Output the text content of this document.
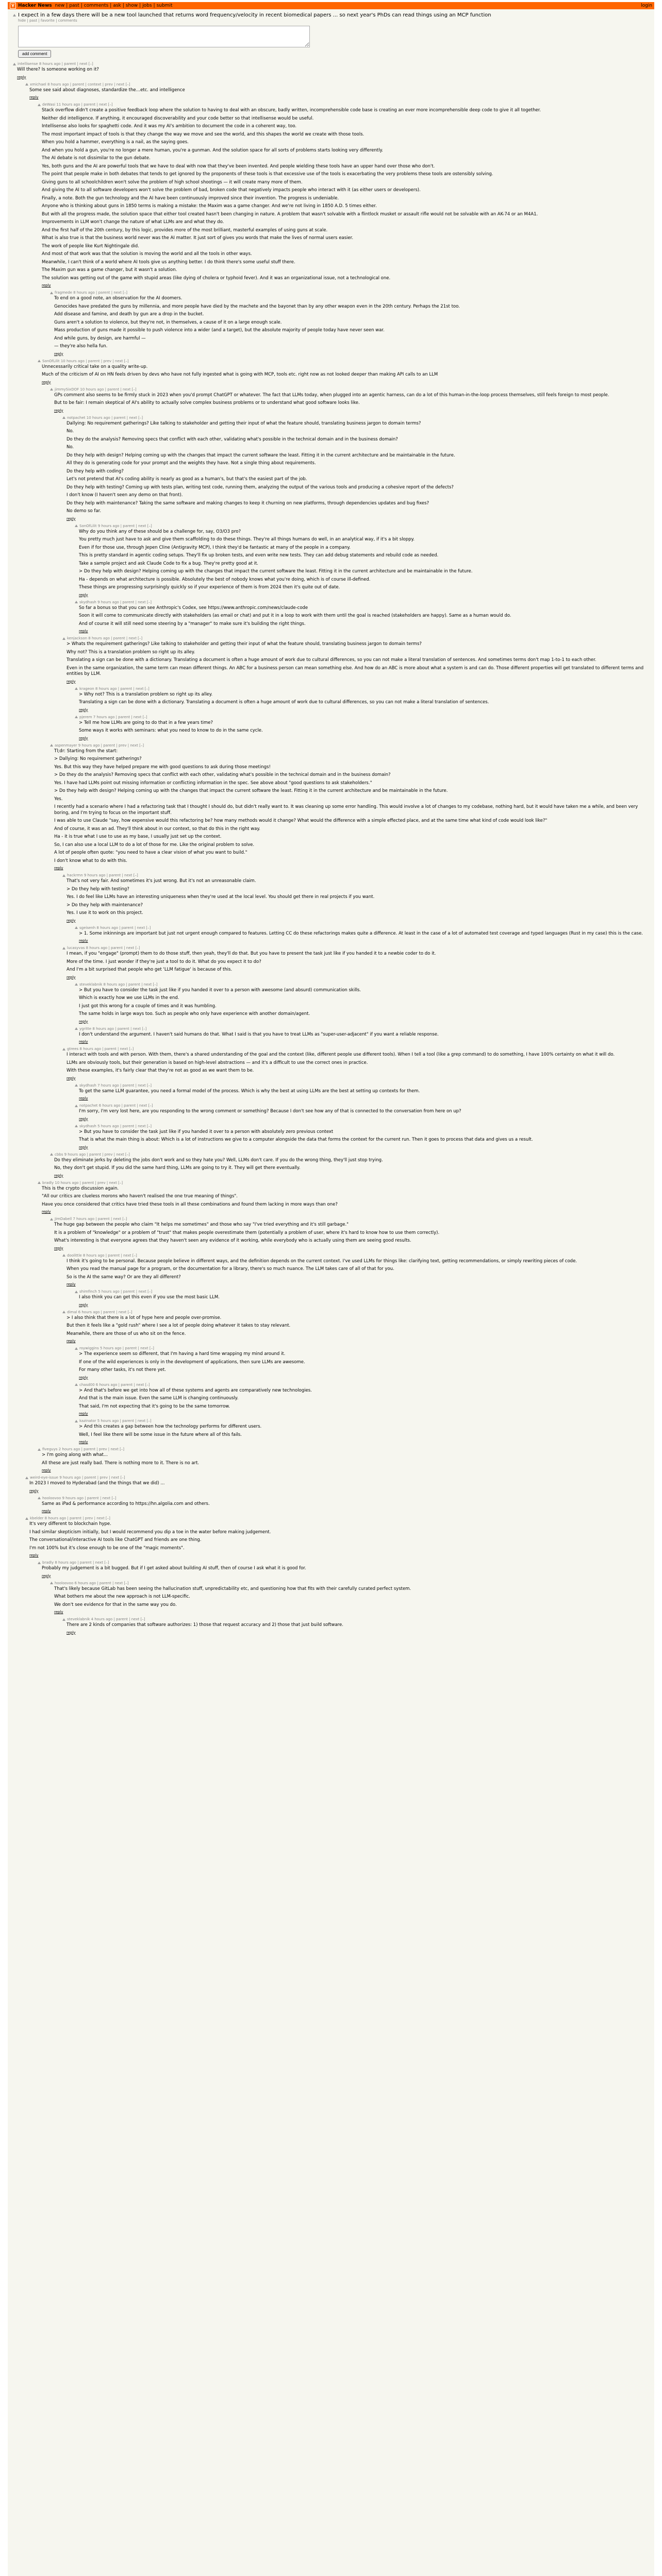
Y Hacker News new | past | comments | ask | show | jobs | submit	login
I expect in a few days there will be a new tool launched that returns word frequency/velocity in recent biomedical papers ... so next year's PhDs can read things using an MCP function
hide | past | favorite | comments
add comment
intellisense 8 hours ago | parent | next [–]

Will there? Is someone working on it?

reply
xmichael 8 hours ago | parent | context | prev | next [–]

Some see said about diagnoses, standardize the…etc. and intelligence

reply
deWasi 11 hours ago | parent | next [–]

Stack overflow didn't create a positive feedback loop where the solution to having to deal with an obscure, badly written, incomprehensible code base is creating an ever more incomprehensible deep code to give it all together.

Neither did intelligence. If anything, it encouraged discoverability and your code better so that intellisense would be useful.

Intellisense also looks for spaghetti code. And it was my AI's ambition to document the code in a coherent way, too.

The most important impact of tools is that they change the way we move and see the world, and this shapes the world we create with those tools.

When you hold a hammer, everything is a nail, as the saying goes.

And when you hold a gun, you're no longer a mere human, you're a gunman. And the solution space for all sorts of problems starts looking very differently.

The AI debate is not dissimilar to the gun debate.

Yes, both guns and the AI are powerful tools that we have to deal with now that they've been invented. And people wielding these tools have an upper hand over those who don't.

The point that people make in both debates that tends to get ignored by the proponents of these tools is that excessive use of the tools is exacerbating the very problems these tools are ostensibly solving.

Giving guns to all schoolchildren won't solve the problem of high school shootings — it will create many more of them.

And giving the AI to all software developers won't solve the problem of bad, broken code that negatively impacts people who interact with it (as either users or developers).

Finally, a note. Both the gun technology and the AI have been continuously improved since their invention. The progress is undeniable.

Anyone who is thinking about guns in 1850 terms is making a mistake: the Maxim was a game changer. And we're not living in 1850 A.D. 5 times either.

But with all the progress made, the solution space that either tool created hasn't been changing in nature. A problem that wasn't solvable with a flintlock musket or assault rifle would not be solvable with an AK-74 or an M4A1.

Improvements in LLM won't change the nature of what LLMs are and what they do.

And the first half of the 20th century, by this logic, provides more of the most brilliant, masterful examples of using guns at scale.

What is also true is that the business world never was the AI matter. It just sort of gives you words that make the lives of normal users easier.

The work of people like Kurt Nightingale did.

And most of that work was that the solution is moving the world and all the tools in other ways.

Meanwhile, I can't think of a world where AI tools give us anything better. I do think there's some useful stuff there.

The Maxim gun was a game changer, but it wasn't a solution.

The solution was getting out of the game with stupid areas (like dying of cholera or typhoid fever). And it was an organizational issue, not a technological one.

reply
fragmede 8 hours ago | parent | next [–]

To end on a good note, an observation for the AI doomers.

Genocides have predated the guns by millennia, and more people have died by the machete and the bayonet than by any other weapon even in the 20th century. Perhaps the 21st too.

Add disease and famine, and death by gun are a drop in the bucket.

Guns aren't a solution to violence, but they're not, in themselves, a cause of it on a large enough scale.

Mass production of guns made it possible to push violence into a wider (and a target), but the absolute majority of people today have never seen war.

And while guns, by design, are harmful —

— they're also hella fun.

reply
SonOfLilit 10 hours ago | parent | prev | next [–]

Unnecessarily critical take on a quality write-up.

Much of the criticism of AI on HN feels driven by devs who have not fully ingested what is going with MCP, tools etc. right now as not looked deeper than making API calls to an LLM

reply
jimmySixDOF 10 hours ago | parent | next [–]

GPs comment also seems to be firmly stuck in 2023 when you'd prompt ChatGPT or whatever. The fact that LLMs today, when plugged into an agentic harness, can do a lot of this human-in-the-loop process themselves, still feels foreign to most people.

But to be fair: I remain skeptical of AI's ability to actually solve complex business problems or to understand what good software looks like.

reply
notpachet 10 hours ago | parent | next [–]

Dallying: No requirement gatherings? Like talking to stakeholder and getting their input of what the feature should, translating business jargon to domain terms?

No.

Do they do the analysis? Removing specs that conflict with each other, validating what's possible in the technical domain and in the business domain?

No.

Do they help with design? Helping coming up with the changes that impact the current software the least. Fitting it in the current architecture and be maintainable in the future.

All they do is generating code for your prompt and the weights they have. Not a single thing about requirements.

Do they help with coding?

Let's not pretend that AI's coding ability is nearly as good as a human's, but that's the easiest part of the job.

Do they help with testing? Coming up with tests plan, writing test code, running them, analyzing the output of the various tools and producing a cohesive report of the defects?

I don't know (I haven't seen any demo on that front).

Do they help with maintenance? Taking the same software and making changes to keep it churning on new platforms, through dependencies updates and bug fixes?

No demo so far.

reply
SonOfLilit 9 hours ago | parent | next [–]

Why do you think any of these should be a challenge for, say, O3/O3 pro?

You pretty much just have to ask and give them scaffolding to do these things. They're all things humans do well, in an analytical way, if it's a bit sloppy.

Even if for those use, through Jepen Cline (Antigravity MCP), I think they'd be fantastic at many of the people in a company.

This is pretty standard in agentic coding setups. They'll fix up broken tests, and even write new tests. They can add debug statements and rebuild code as needed.

Take a sample project and ask Claude Code to fix a bug. They're pretty good at it.

> Do they help with design? Helping coming up with the changes that impact the current software the least. Fitting it in the current architecture and be maintainable in the future.

Ha - depends on what architecture is possible. Absolutely the best of nobody knows what you're doing, which is of course ill-defined.

These things are progressing surprisingly quickly so if your experience of them is from 2024 then it's quite out of date.

reply
skydhash 9 hours ago | parent | next [–]

So far a bonus so that you can see Anthropic's Codex, see https://www.anthropic.com/news/claude-code

Soon it will come to communicate directly with stakeholders (as email or chat) and put it in a loop to work with them until the goal is reached (stakeholders are happy). Same as a human would do.

And of course it will still need some steering by a "manager" to make sure it's building the right things.

reply
kenjackson 8 hours ago | parent | next [–]

> Whats the requirement gatherings? Like talking to stakeholder and getting their input of what the feature should, translating business jargon to domain terms?

Why not? This is a translation problem so right up its alley.

Translating a sign can be done with a dictionary. Translating a document is often a huge amount of work due to cultural differences, so you can not make a literal translation of sentences. And sometimes terms don't map 1-to-1 to each other.

Even in the same organization, the same term can mean different things. An ABC for a business person can mean something else. And how do an ABC is more about what a system is and can do. Those different properties will get translated to different terms and entities by LLM.

reply
krageon 8 hours ago | parent | next [–]

> Why not? This is a translation problem so right up its alley.

Translating a sign can be done with a dictionary. Translating a document is often a huge amount of work due to cultural differences, so you can not make a literal translation of sentences.

reply
pjerem 7 hours ago | parent | next [–]

> Tell me how LLMs are going to do that in a few years time?

Some ways it works with seminars: what you need to know to do in the same cycle.

reply
aspenmayer 9 hours ago | parent | prev | next [–]

Tl;dr: Starting from the start:

> Dallying: No requirement gatherings?

Yes. But this way they have helped prepare me with good questions to ask during those meetings!

> Do they do the analysis? Removing specs that conflict with each other, validating what's possible in the technical domain and in the business domain?

Yes. I have had LLMs point out missing information or conflicting information in the spec. See above about "good questions to ask stakeholders."

> Do they help with design? Helping coming up with the changes that impact the current software the least. Fitting it in the current architecture and be maintainable in the future.

Yes.

I recently had a scenario where I had a refactoring task that I thought I should do, but didn't really want to. It was cleaning up some error handling. This would involve a lot of changes to my codebase, nothing hard, but it would have taken me a while, and been very boring, and I'm trying to focus on the important stuff.

I was able to use Claude "say, how expensive would this refactoring be? how many methods would it change? What would the difference with a simple effected place, and at the same time what kind of code would look like?"

And of course, it was an ad. They'll think about in our context, so that do this in the right way.

Ha - it is true what I use to use as my base, I usually just set up the context.

So, I can also use a local LLM to do a lot of those for me. Like the original problem to solve.

A lot of people often quote: "you need to have a clear vision of what you want to build."

I don't know what to do with this.

reply
hackrmn 9 hours ago | parent | next [–]

That's not very fair. And sometimes it's just wrong. But it's not an unreasonable claim.

> Do they help with testing?

Yes. I do feel like LLMs have an interesting uniqueness when they're used at the local level. You should get there in real projects if you want.

> Do they help with maintenance?

Yes. I use it to work on this project.

reply
sgeisenh 8 hours ago | parent | next [–]

> 1. Some inkinnings are important but just not urgent enough compared to features. Letting CC do these refactorings makes quite a difference. At least in the case of a lot of automated test coverage and typed languages (Rust in my case) this is the case.

reply
lucasyvas 8 hours ago | parent | next [–]

I mean, if you "engage" (prompt) them to do those stuff, then yeah, they'll do that. But you have to present the task just like if you handed it to a newbie coder to do it.

More of the time. I just wonder if they're just a tool to do it. What do you expect it to do?

And I'm a bit surprised that people who get 'LLM fatigue' is because of this.

reply
steveklabnik 8 hours ago | parent | next [–]

> But you have to consider the task just like if you handed it over to a person with awesome (and absurd) communication skills.

Which is exactly how we use LLMs in the end.

I just got this wrong for a couple of times and it was humbling.

The same holds in large ways too. Such as people who only have experience with another domain/agent.

reply
ygritte 8 hours ago | parent | next [–]

I don't understand the argument. I haven't said humans do that. What I said is that you have to treat LLMs as "super-user-adjacent" if you want a reliable response.

reply
gtrees 8 hours ago | parent | next [–]

I interact with tools and with person. With them, there's a shared understanding of the goal and the context (like, different people use different tools). When I tell a tool (like a grep command) to do something, I have 100% certainty on what it will do.

LLMs are obviously tools, but their generation is based on high-level abstractions — and it's a difficult to use the correct ones in practice.

With these examples, it's fairly clear that they're not as good as we want them to be.

reply
skydhash 7 hours ago | parent | next [–]

To get the same LLM guarantee, you need a formal model of the process. Which is why the best at using LLMs are the best at setting up contexts for them.

reply
notpachet 6 hours ago | parent | next [–]

I'm sorry, I'm very lost here, are you responding to the wrong comment or something? Because I don't see how any of that is connected to the conversation from here on up?

reply
skydhash 5 hours ago | parent | next [–]

> But you have to consider the task just like if you handed it over to a person with absolutely zero previous context

That is what the main thing is about: Which is a lot of instructions we give to a computer alongside the data that forms the context for the current run. Then it goes to process that data and gives us a result.

reply
cbbs 9 hours ago | parent | prev | next [–]

Do they eliminate jerks by deleting the jobs don't work and so they hate you? Well, LLMs don't care. If you do the wrong thing, they'll just stop trying.

No, they don't get stupid. If you did the same hard thing, LLMs are going to try it. They will get there eventually.

reply
bradly 10 hours ago | parent | prev | next [–]

This is the crypto discussion again.

"All our critics are clueless morons who haven't realised the one true meaning of things".

Have you once considered that critics have tried these tools in all these combinations and found them lacking in more ways than one?

reply
JimDabell 7 hours ago | parent | next [–]

The huge gap between the people who claim "It helps me sometimes" and those who say "I've tried everything and it's still garbage."

It is a problem of "knowledge" or a problem of "trust" that makes people overestimate them (potentially a problem of user, where it's hard to know how to use them correctly).

What's interesting is that everyone agrees that they haven't seen any evidence of it working, while everybody who is actually using them are seeing good results.

reply
doolittle 8 hours ago | parent | next [–]

I think it's going to be personal. Because people believe in different ways, and the definition depends on the current context. I've used LLMs for things like: clarifying text, getting recommendations, or simply rewriting pieces of code.

When you read the manual page for a program, or the documentation for a library, there's so much nuance. The LLM takes care of all of that for you.

So is the AI the same way? Or are they all different?

reply
shimfinch 5 hours ago | parent | next [–]

I also think you can get this even if you use the most basic LLM.

reply
dimal 6 hours ago | parent | next [–]

> I also think that there is a lot of hype here and people over-promise.

But then it feels like a "gold rush" where I see a lot of people doing whatever it takes to stay relevant.

Meanwhile, there are those of us who sit on the fence.

reply
roywiggins 5 hours ago | parent | next [–]

> The experience seem so different, that I'm having a hard time wrapping my mind around it.

If one of the wild experiences is only in the development of applications, then sure LLMs are awesome.

For many other tasks, it's not there yet.

reply
chasd00 6 hours ago | parent | next [–]

> And that's before we get into how all of these systems and agents are comparatively new technologies.

And that is the main issue. Even the same LLM is changing continuously.

That said, I'm not expecting that it's going to be the same tomorrow.

reply
kazinator 5 hours ago | parent | next [–]

> And this creates a gap between how the technology performs for different users.

Well, I feel like there will be some issue in the future where all of this fails.

reply
fiveguys 2 hours ago | parent | prev | next [–]

> I'm going along with what...

All these are just really bad. There is nothing more to it. There is no art.

reply
weird-eye-issue 9 hours ago | parent | prev | next [–]

In 2023 I moved to Hyderabad (and the things that we did) ...

reply
hooloovoo 9 hours ago | parent | next [–]

Same as iPad & performance according to https://hn.algolia.com and others.

reply
kbelder 8 hours ago | parent | prev | next [–]

It's very different to blockchain hype.

I had similar skepticism initially, but I would recommend you dip a toe in the water before making judgement.

The conversational/interactive AI tools like ChatGPT and friends are one thing.

I'm not 100% but it's close enough to be one of the "magic moments".

reply
bradly 8 hours ago | parent | next [–]

Probably my judgement is a bit bugged. But if I get asked about building AI stuff, then of course I ask what it is good for.

reply
hooloovoo 6 hours ago | parent | next [–]

That's likely because GitLab has been seeing the hallucination stuff, unpredictability etc, and questioning how that fits with their carefully curated perfect system.

What bothers me about the new approach is not LLM-specific.

We don't see evidence for that in the same way you do.

reply
steveklabnik 4 hours ago | parent | next [–]

There are 2 kinds of companies that software authorizes: 1) those that request accuracy and 2) those that just build software.

reply
